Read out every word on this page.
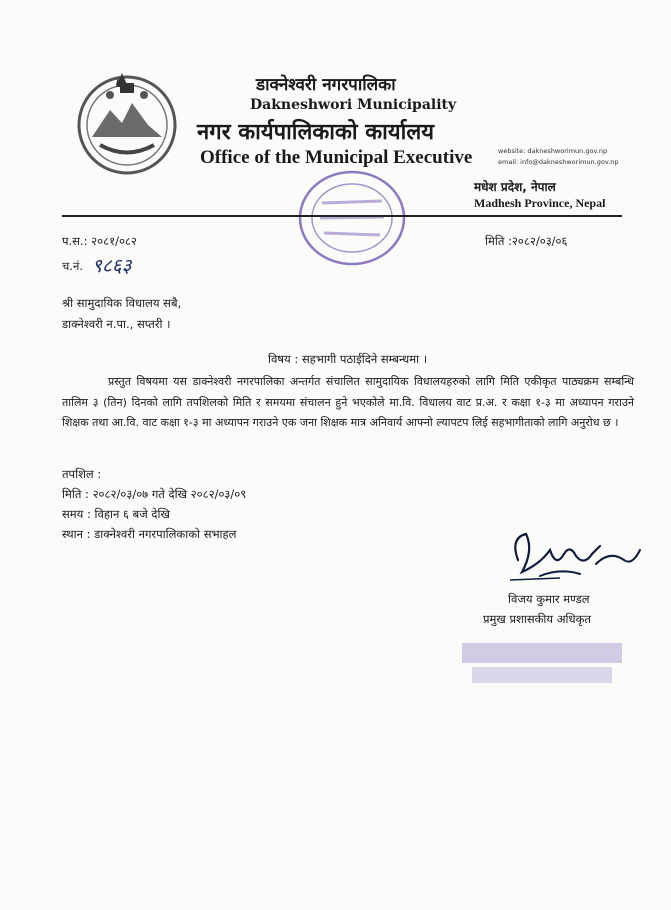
डाक्नेश्वरी नगरपालिका
Dakneshwori Municipality
नगर कार्यपालिकाको कार्यालय
Office of the Municipal Executive	website: dakneshworimun.gov.np
email: info@dakneshworimun.gov.np
मधेश प्रदेश, नेपाल
Madhesh Province, Nepal
प.स.: २०८१/०८२
च.नं. ९८६३
मिति :२०८२/०३/०६
श्री सामुदायिक विधालय सबै,
डाक्नेश्वरी न.पा., सप्तरी ।
विषय : सहभागी पठाईदिने सम्बन्धमा ।
प्रस्तुत विषयमा यस डाक्नेश्वरी नगरपालिका अन्तर्गत संचालित सामुदायिक विधालयहरुको लागि मिति एकीकृत पाठ्यक्रम सम्बन्धि तालिम ३ (तिन) दिनको लागि तपशिलको मिति र समयमा संचालन हुने भएकोले मा.वि. विधालय वाट प्र.अ. र कक्षा १-३ मा अध्यापन गराउने शिक्षक तथा आ.वि. वाट कक्षा १-३ मा अध्यापन गराउने एक जना शिक्षक मात्र अनिवार्य आफ्नो ल्यापटप लिई सहभागीताको लागि अनुरोध छ ।
तपशिल :
मिति : २०८२/०३/०७ गते देखि २०८२/०३/०९
समय : विहान ६ बजे देखि
स्थान : डाक्नेश्वरी नगरपालिकाको सभाहल
विजय कुमार मण्डल
प्रमुख प्रशासकीय अधिकृत
